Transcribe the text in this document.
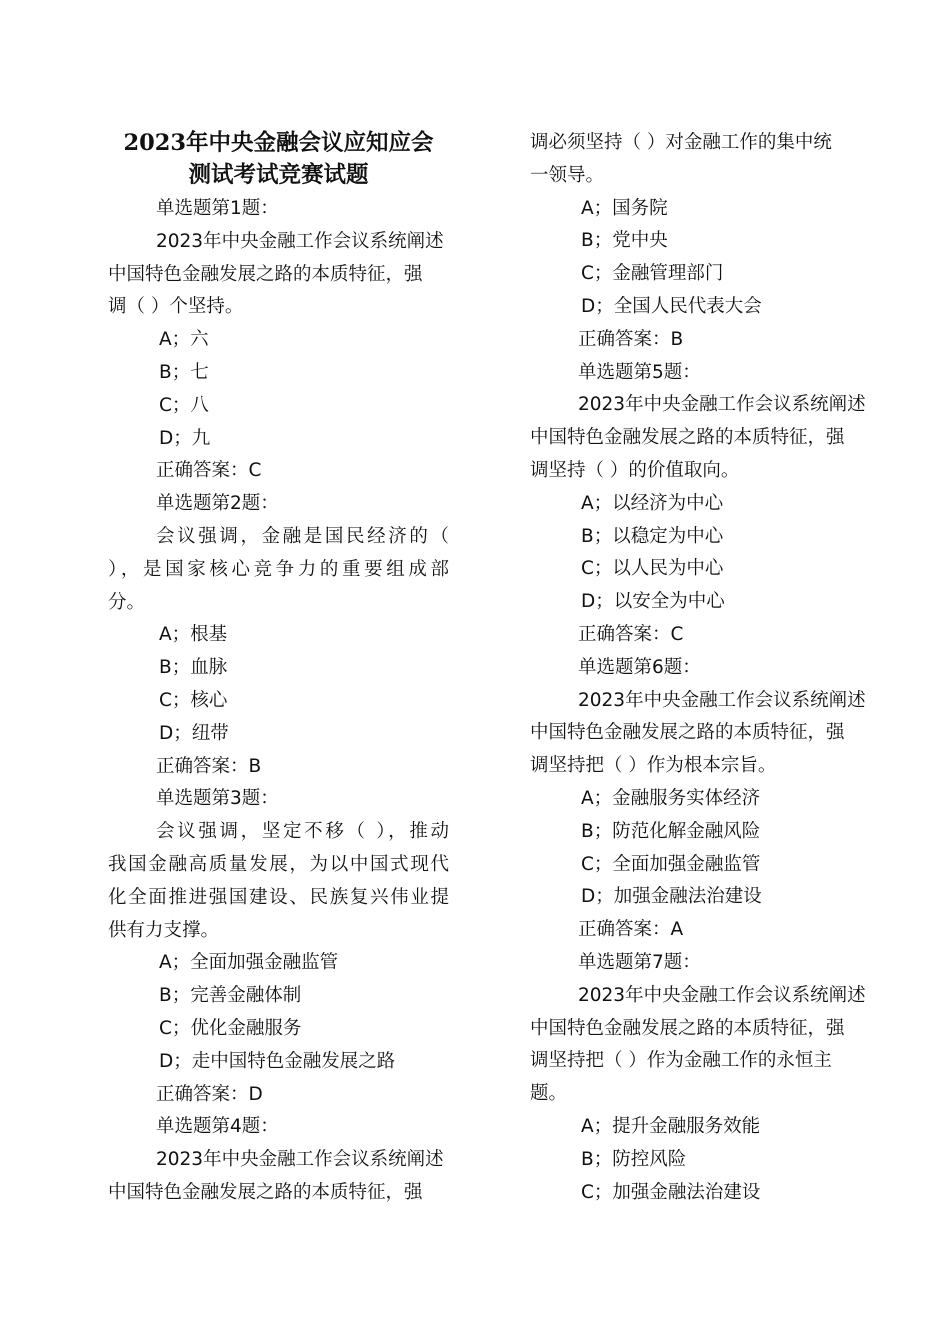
2023年中央金融会议应知应会
测试考试竞赛试题
单选题第1题：
2023年中央金融工作会议系统阐述
中国特色金融发展之路的本质特征，强
调（ ）个坚持。
A；六
B；七
C；八
D；九
正确答案：C
单选题第2题：
会议强调，金融是国民经济的（
），是国家核心竞争力的重要组成部
分。
A；根基
B；血脉
C；核心
D；纽带
正确答案：B
单选题第3题：
会议强调，坚定不移（ ），推动
我国金融高质量发展，为以中国式现代
化全面推进强国建设、民族复兴伟业提
供有力支撑。
A；全面加强金融监管
B；完善金融体制
C；优化金融服务
D；走中国特色金融发展之路
正确答案：D
单选题第4题：
2023年中央金融工作会议系统阐述
中国特色金融发展之路的本质特征，强
调必须坚持（ ）对金融工作的集中统
一领导。
A；国务院
B；党中央
C；金融管理部门
D；全国人民代表大会
正确答案：B
单选题第5题：
2023年中央金融工作会议系统阐述
中国特色金融发展之路的本质特征，强
调坚持（ ）的价值取向。
A；以经济为中心
B；以稳定为中心
C；以人民为中心
D；以安全为中心
正确答案：C
单选题第6题：
2023年中央金融工作会议系统阐述
中国特色金融发展之路的本质特征，强
调坚持把（ ）作为根本宗旨。
A；金融服务实体经济
B；防范化解金融风险
C；全面加强金融监管
D；加强金融法治建设
正确答案：A
单选题第7题：
2023年中央金融工作会议系统阐述
中国特色金融发展之路的本质特征，强
调坚持把（ ）作为金融工作的永恒主
题。
A；提升金融服务效能
B；防控风险
C；加强金融法治建设
